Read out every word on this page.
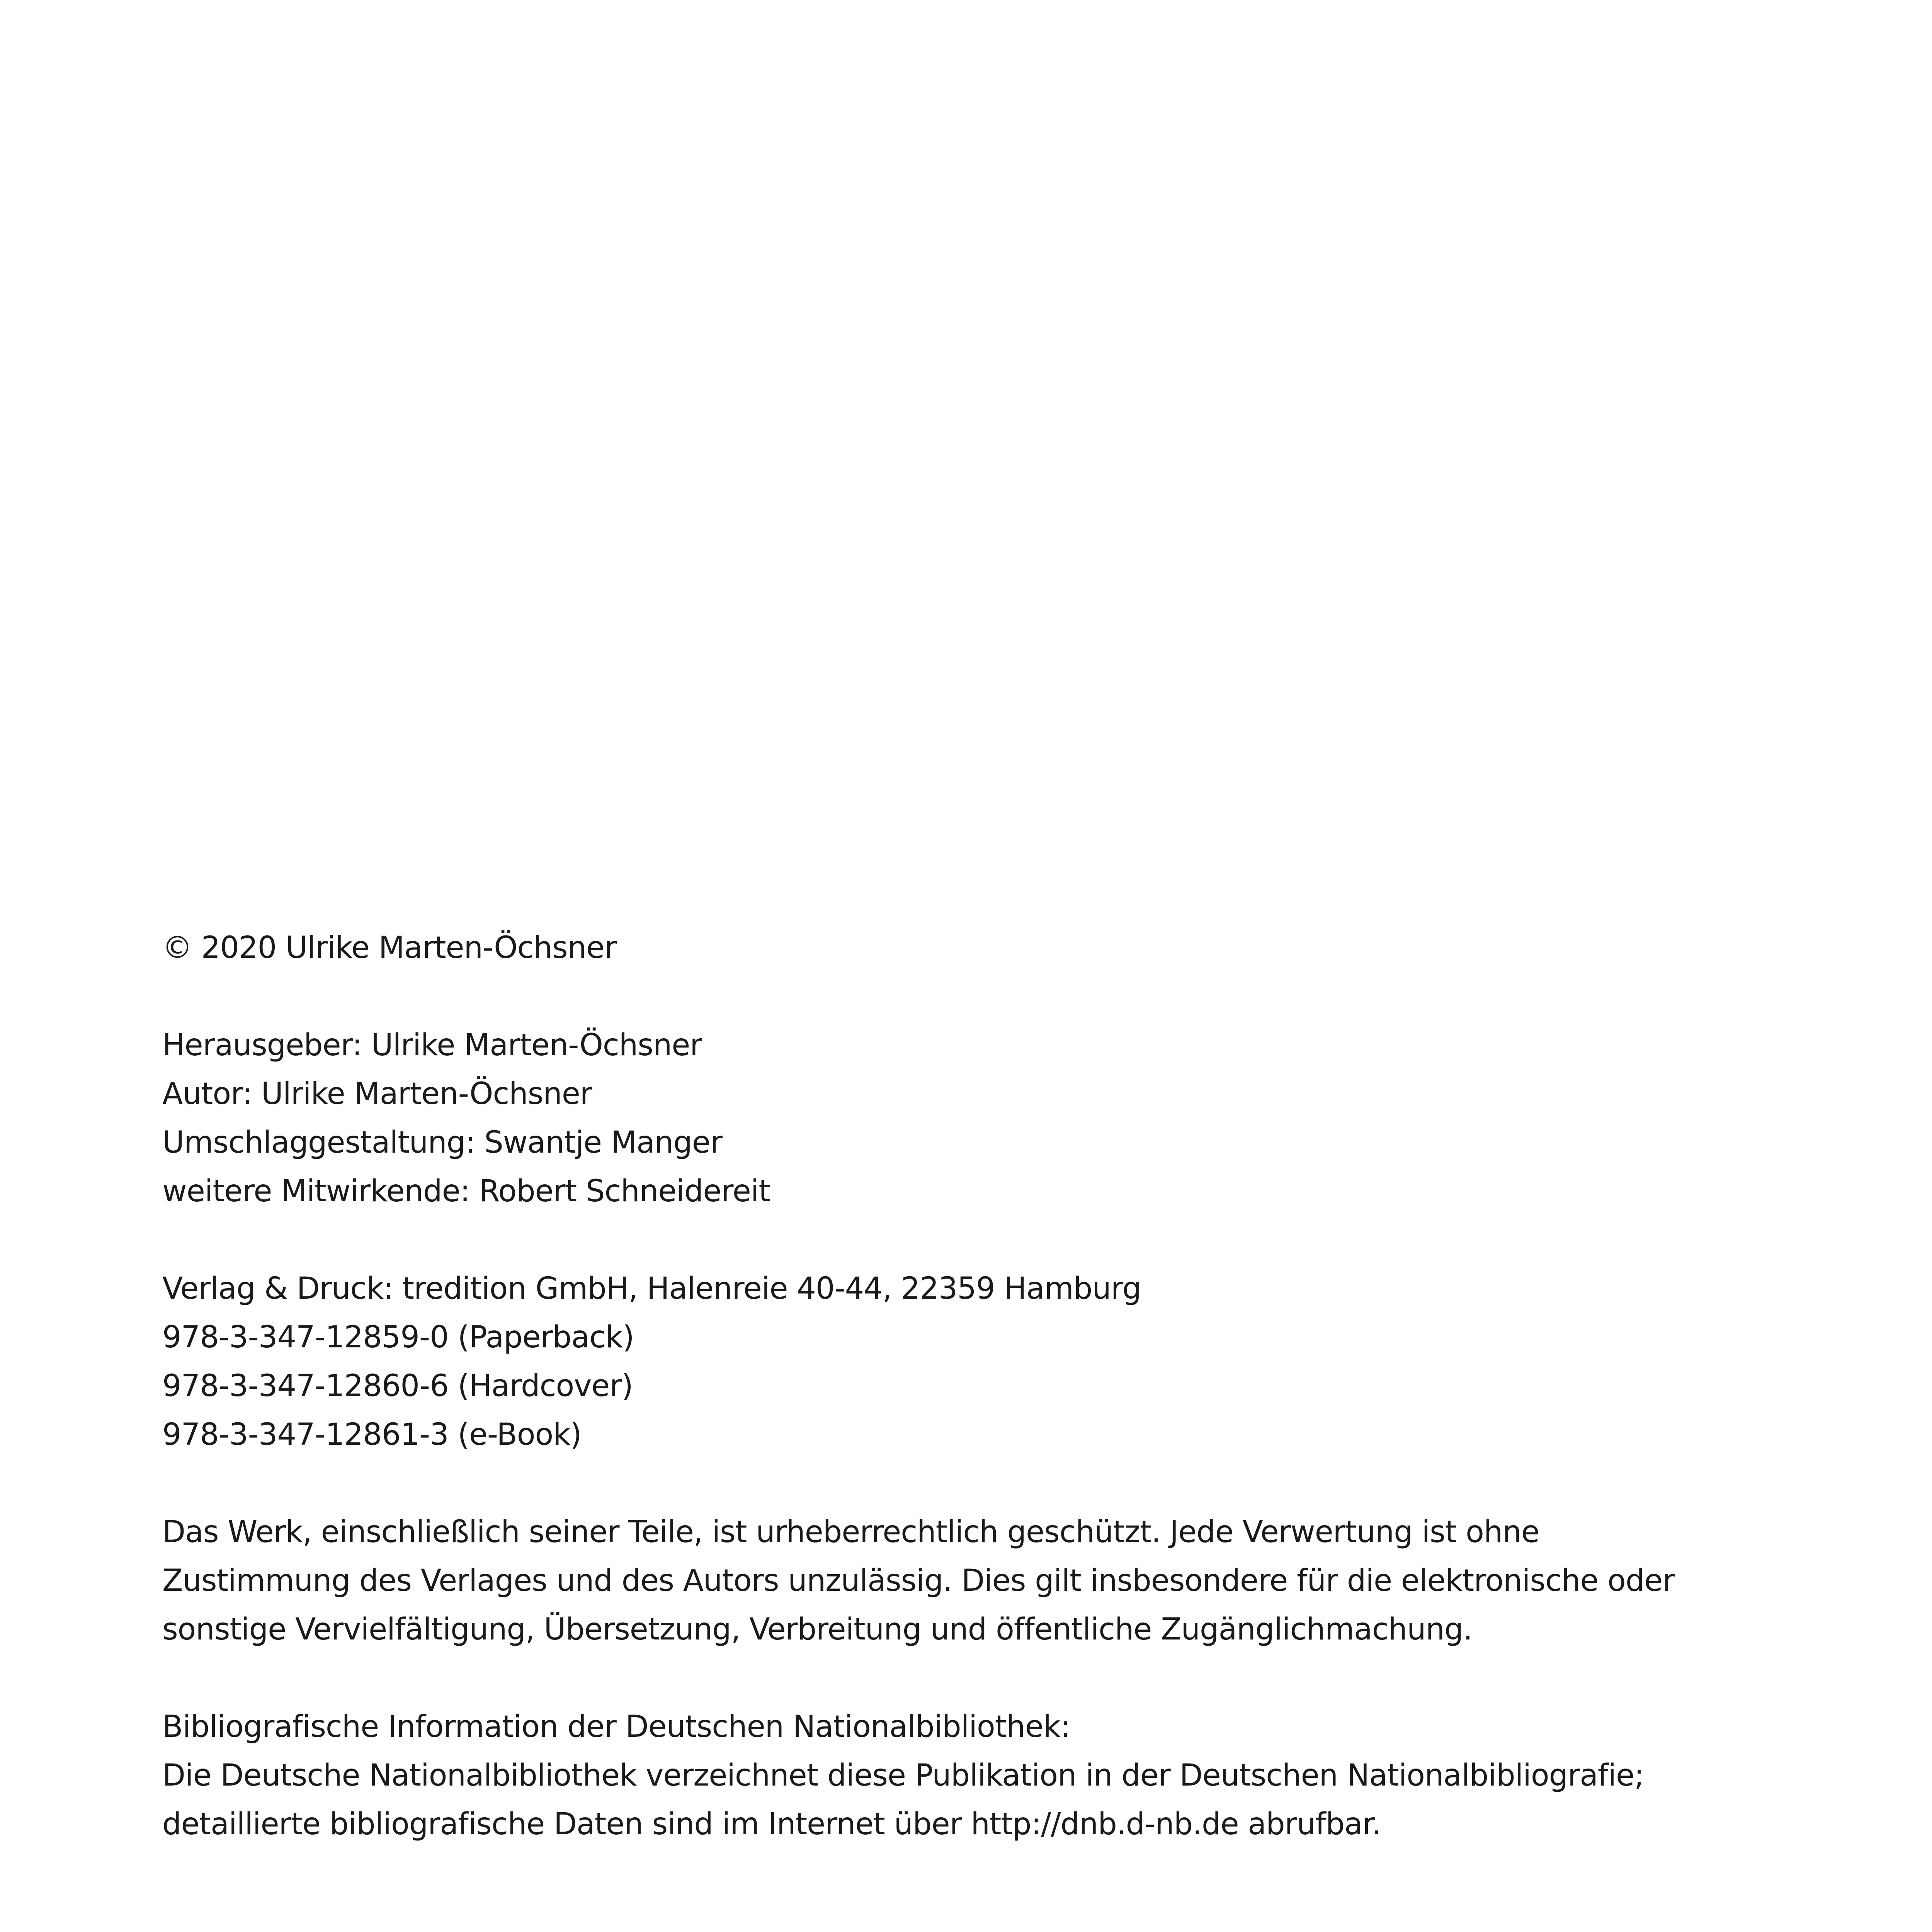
© 2020 Ulrike Marten-Öchsner
Herausgeber: Ulrike Marten-Öchsner
Autor: Ulrike Marten-Öchsner
Umschlaggestaltung: Swantje Manger
weitere Mitwirkende: Robert Schneidereit
Verlag & Druck: tredition GmbH, Halenreie 40-44, 22359 Hamburg
978-3-347-12859-0 (Paperback)
978-3-347-12860-6 (Hardcover)
978-3-347-12861-3 (e-Book)
Das Werk, einschließlich seiner Teile, ist urheberrechtlich geschützt. Jede Verwertung ist ohne
Zustimmung des Verlages und des Autors unzulässig. Dies gilt insbesondere für die elektronische oder
sonstige Vervielfältigung, Übersetzung, Verbreitung und öffentliche Zugänglichmachung.
Bibliografische Information der Deutschen Nationalbibliothek:
Die Deutsche Nationalbibliothek verzeichnet diese Publikation in der Deutschen Nationalbibliografie;
detaillierte bibliografische Daten sind im Internet über http://dnb.d-nb.de abrufbar.
